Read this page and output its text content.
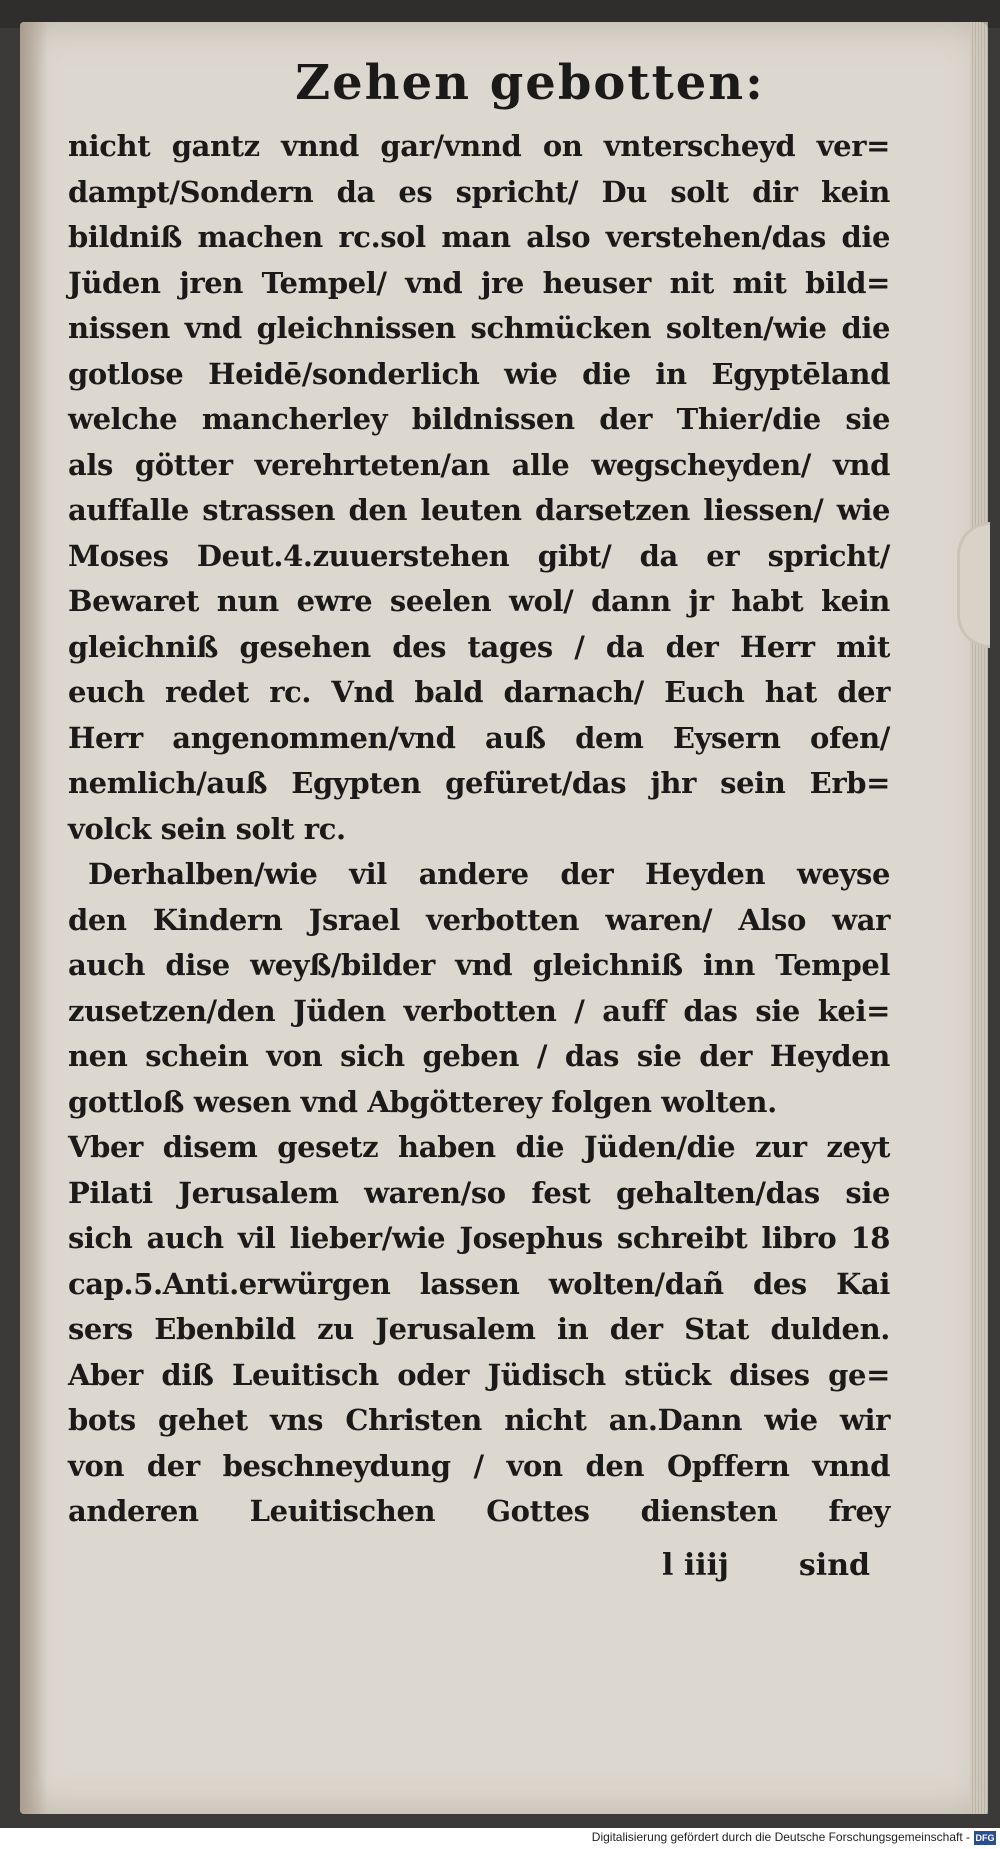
Zehen gebotten:
nicht gantz vnnd gar/vnnd on vnterscheyd ver=
dampt/Sondern da es spricht/ Du solt dir kein
bildniß machen rc.sol man also verstehen/das die
Jüden jren Tempel/ vnd jre heuser nit mit bild=
nissen vnd gleichnissen schmücken solten/wie die
gotlose Heidē/sonderlich wie die in Egyptēland
welche mancherley bildnissen der Thier/die sie
als götter verehrteten/an alle wegscheyden/ vnd
auffalle strassen den leuten darsetzen liessen/ wie
Moses Deut.4.zuuerstehen gibt/ da er spricht/
Bewaret nun ewre seelen wol/ dann jr habt kein
gleichniß gesehen des tages / da der Herr mit
euch redet rc. Vnd bald darnach/ Euch hat der
Herr angenommen/vnd auß dem Eysern ofen/
nemlich/auß Egypten gefüret/das jhr sein Erb=
volck sein solt rc.
Derhalben/wie vil andere der Heyden weyse
den Kindern Jsrael verbotten waren/ Also war
auch dise weyß/bilder vnd gleichniß inn Tempel
zusetzen/den Jüden verbotten / auff das sie kei=
nen schein von sich geben / das sie der Heyden
gottloß wesen vnd Abgötterey folgen wolten.
Vber disem gesetz haben die Jüden/die zur zeyt
Pilati Jerusalem waren/so fest gehalten/das sie
sich auch vil lieber/wie Josephus schreibt libro 18
cap.5.Anti.erwürgen lassen wolten/dañ des Kai
sers Ebenbild zu Jerusalem in der Stat dulden.
Aber diß Leuitisch oder Jüdisch stück dises ge=
bots gehet vns Christen nicht an.Dann wie wir
von der beschneydung / von den Opffern vnnd
anderen Leuitischen Gottes diensten frey
l iiij sind
Digitalisierung gefördert durch die Deutsche Forschungsgemeinschaft - DFG
